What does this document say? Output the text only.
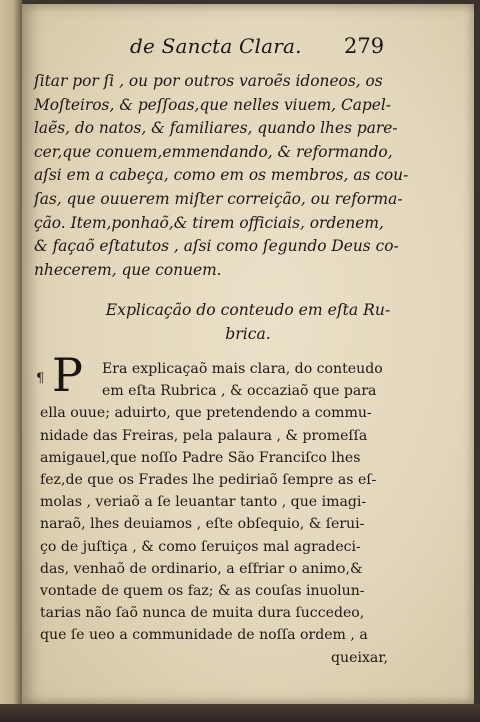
de Sancta Clara. 279
ſitar por ſi , ou por outros varoẽs idoneos, os
Moſteiros, & peſſoas,que nelles viuem, Capel-
laẽs, do natos, & familiares, quando lhes pare-
cer,que conuem,emmendando, & reformando,
aſsi em a cabeça, como em os membros, as cou-
ſas, que ouuerem miſter correição, ou reforma-
ção. Item,ponhaõ,& tirem officiais, ordenem,
& façaõ eſtatutos , aſsi como ſegundo Deus co-
nhecerem, que conuem.
Explicação do conteudo em eſta Ru-
brica.
¶ P	Era explicaçaõ mais clara, do conteudo
em eſta Rubrica , & occaziaõ que para
ella ouue; aduirto, que pretendendo a commu-
nidade das Freiras, pela palaura , & promeſſa
amigauel,que noſſo Padre São Franciſco lhes
fez,de que os Frades lhe pediriaõ ſempre as eſ-
molas , veriaõ a ſe leuantar tanto , que imagi-
naraõ, lhes deuiamos , eſte obſequio, & ſerui-
ço de juſtiça , & como ſeruiços mal agradeci-
das, venhaõ de ordinario, a eſfriar o animo,&
vontade de quem os faz; & as couſas inuolun-
tarias não ſaõ nunca de muita dura ſuccedeo,
que ſe ueo a communidade de noſſa ordem , a
queixar,
